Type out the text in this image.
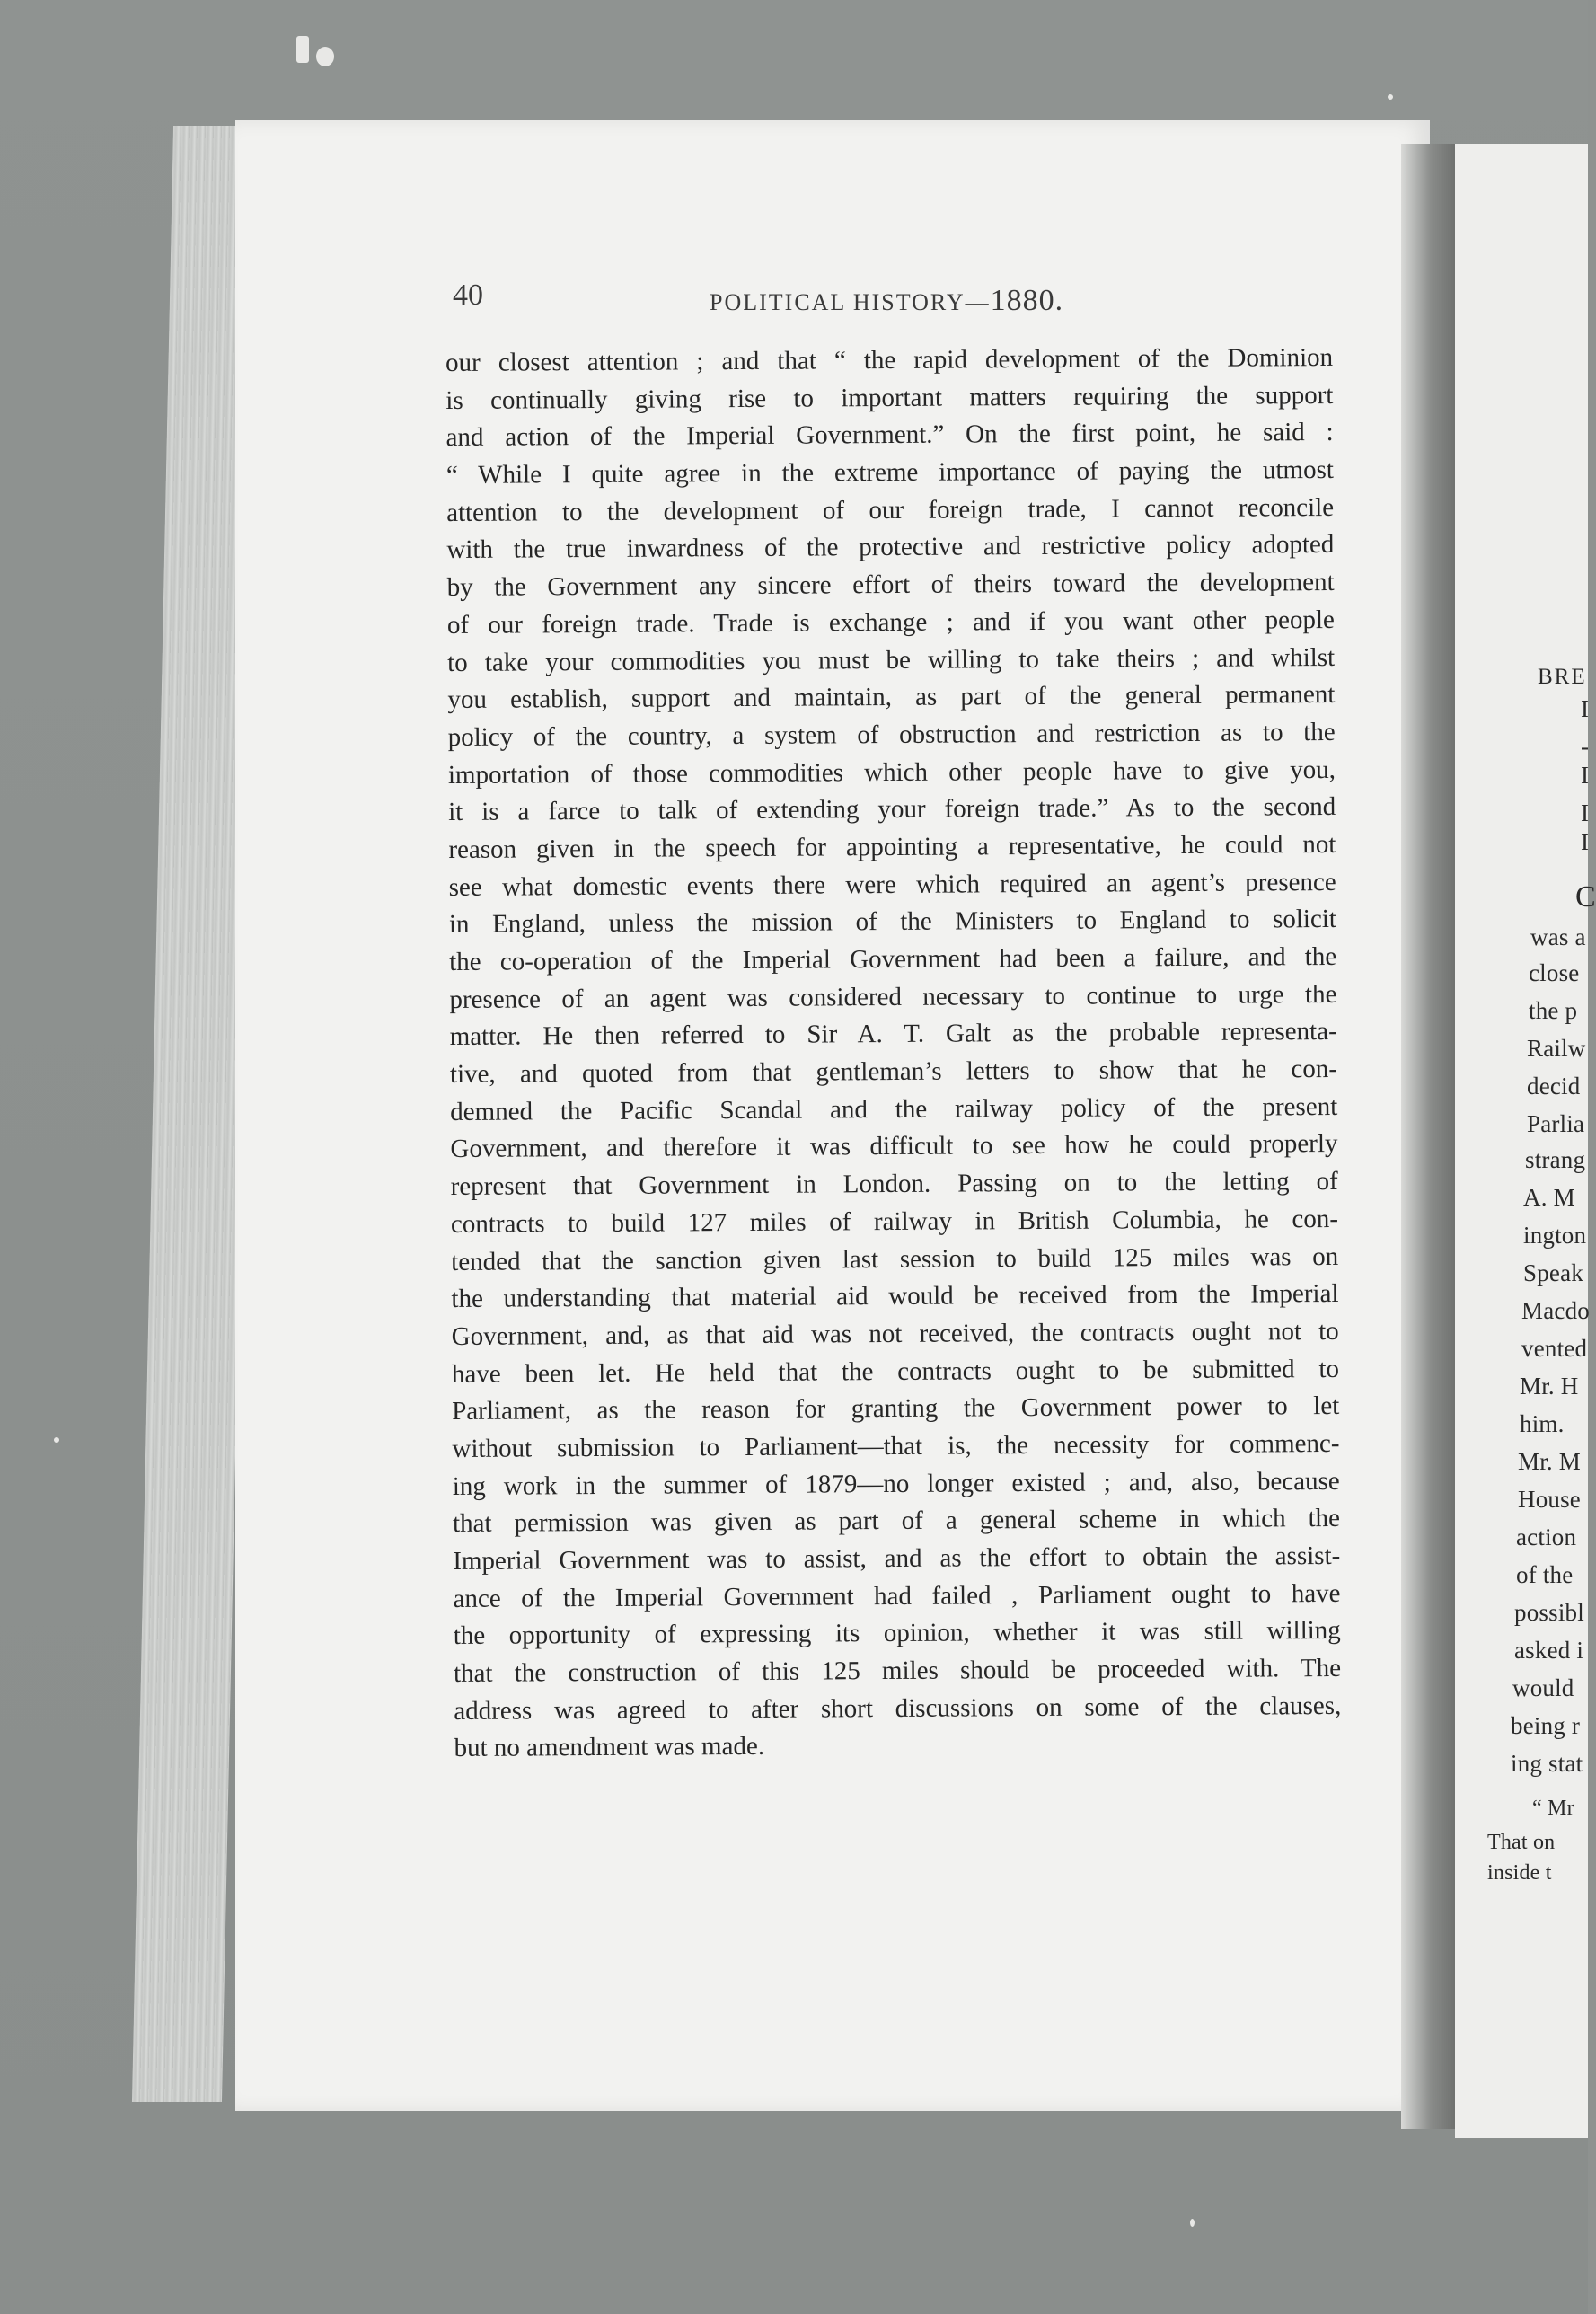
BRE
I
-
I
I
I
C
was a
close
the p
Railw
decid
Parlia
strang
A. M
ington
Speak
Macdo
vented
Mr. H
him.
Mr. M
House
action
of the
possibl
asked i
would
being r
ing stat
“ Mr
That on
inside t
40	POLITICAL HISTORY—1880.
our closest attention ; and that “ the rapid development of the Dominion
is continually giving rise to important matters requiring the support
and action of the Imperial Government.” On the first point, he said :
“ While I quite agree in the extreme importance of paying the utmost
attention to the development of our foreign trade, I cannot reconcile
with the true inwardness of the protective and restrictive policy adopted
by the Government any sincere effort of theirs toward the development
of our foreign trade. Trade is exchange ; and if you want other people
to take your commodities you must be willing to take theirs ; and whilst
you establish, support and maintain, as part of the general permanent
policy of the country, a system of obstruction and restriction as to the
importation of those commodities which other people have to give you,
it is a farce to talk of extending your foreign trade.” As to the second
reason given in the speech for appointing a representative, he could not
see what domestic events there were which required an agent’s presence
in England, unless the mission of the Ministers to England to solicit
the co-operation of the Imperial Government had been a failure, and the
presence of an agent was considered necessary to continue to urge the
matter. He then referred to Sir A. T. Galt as the probable representa-
tive, and quoted from that gentleman’s letters to show that he con-
demned the Pacific Scandal and the railway policy of the present
Government, and therefore it was difficult to see how he could properly
represent that Government in London. Passing on to the letting of
contracts to build 127 miles of railway in British Columbia, he con-
tended that the sanction given last session to build 125 miles was on
the understanding that material aid would be received from the Imperial
Government, and, as that aid was not received, the contracts ought not to
have been let. He held that the contracts ought to be submitted to
Parliament, as the reason for granting the Government power to let
without submission to Parliament—that is, the necessity for commenc-
ing work in the summer of 1879—no longer existed ; and, also, because
that permission was given as part of a general scheme in which the
Imperial Government was to assist, and as the effort to obtain the assist-
ance of the Imperial Government had failed , Parliament ought to have
the opportunity of expressing its opinion, whether it was still willing
that the construction of this 125 miles should be proceeded with. The
address was agreed to after short discussions on some of the clauses,
but no amendment was made.
